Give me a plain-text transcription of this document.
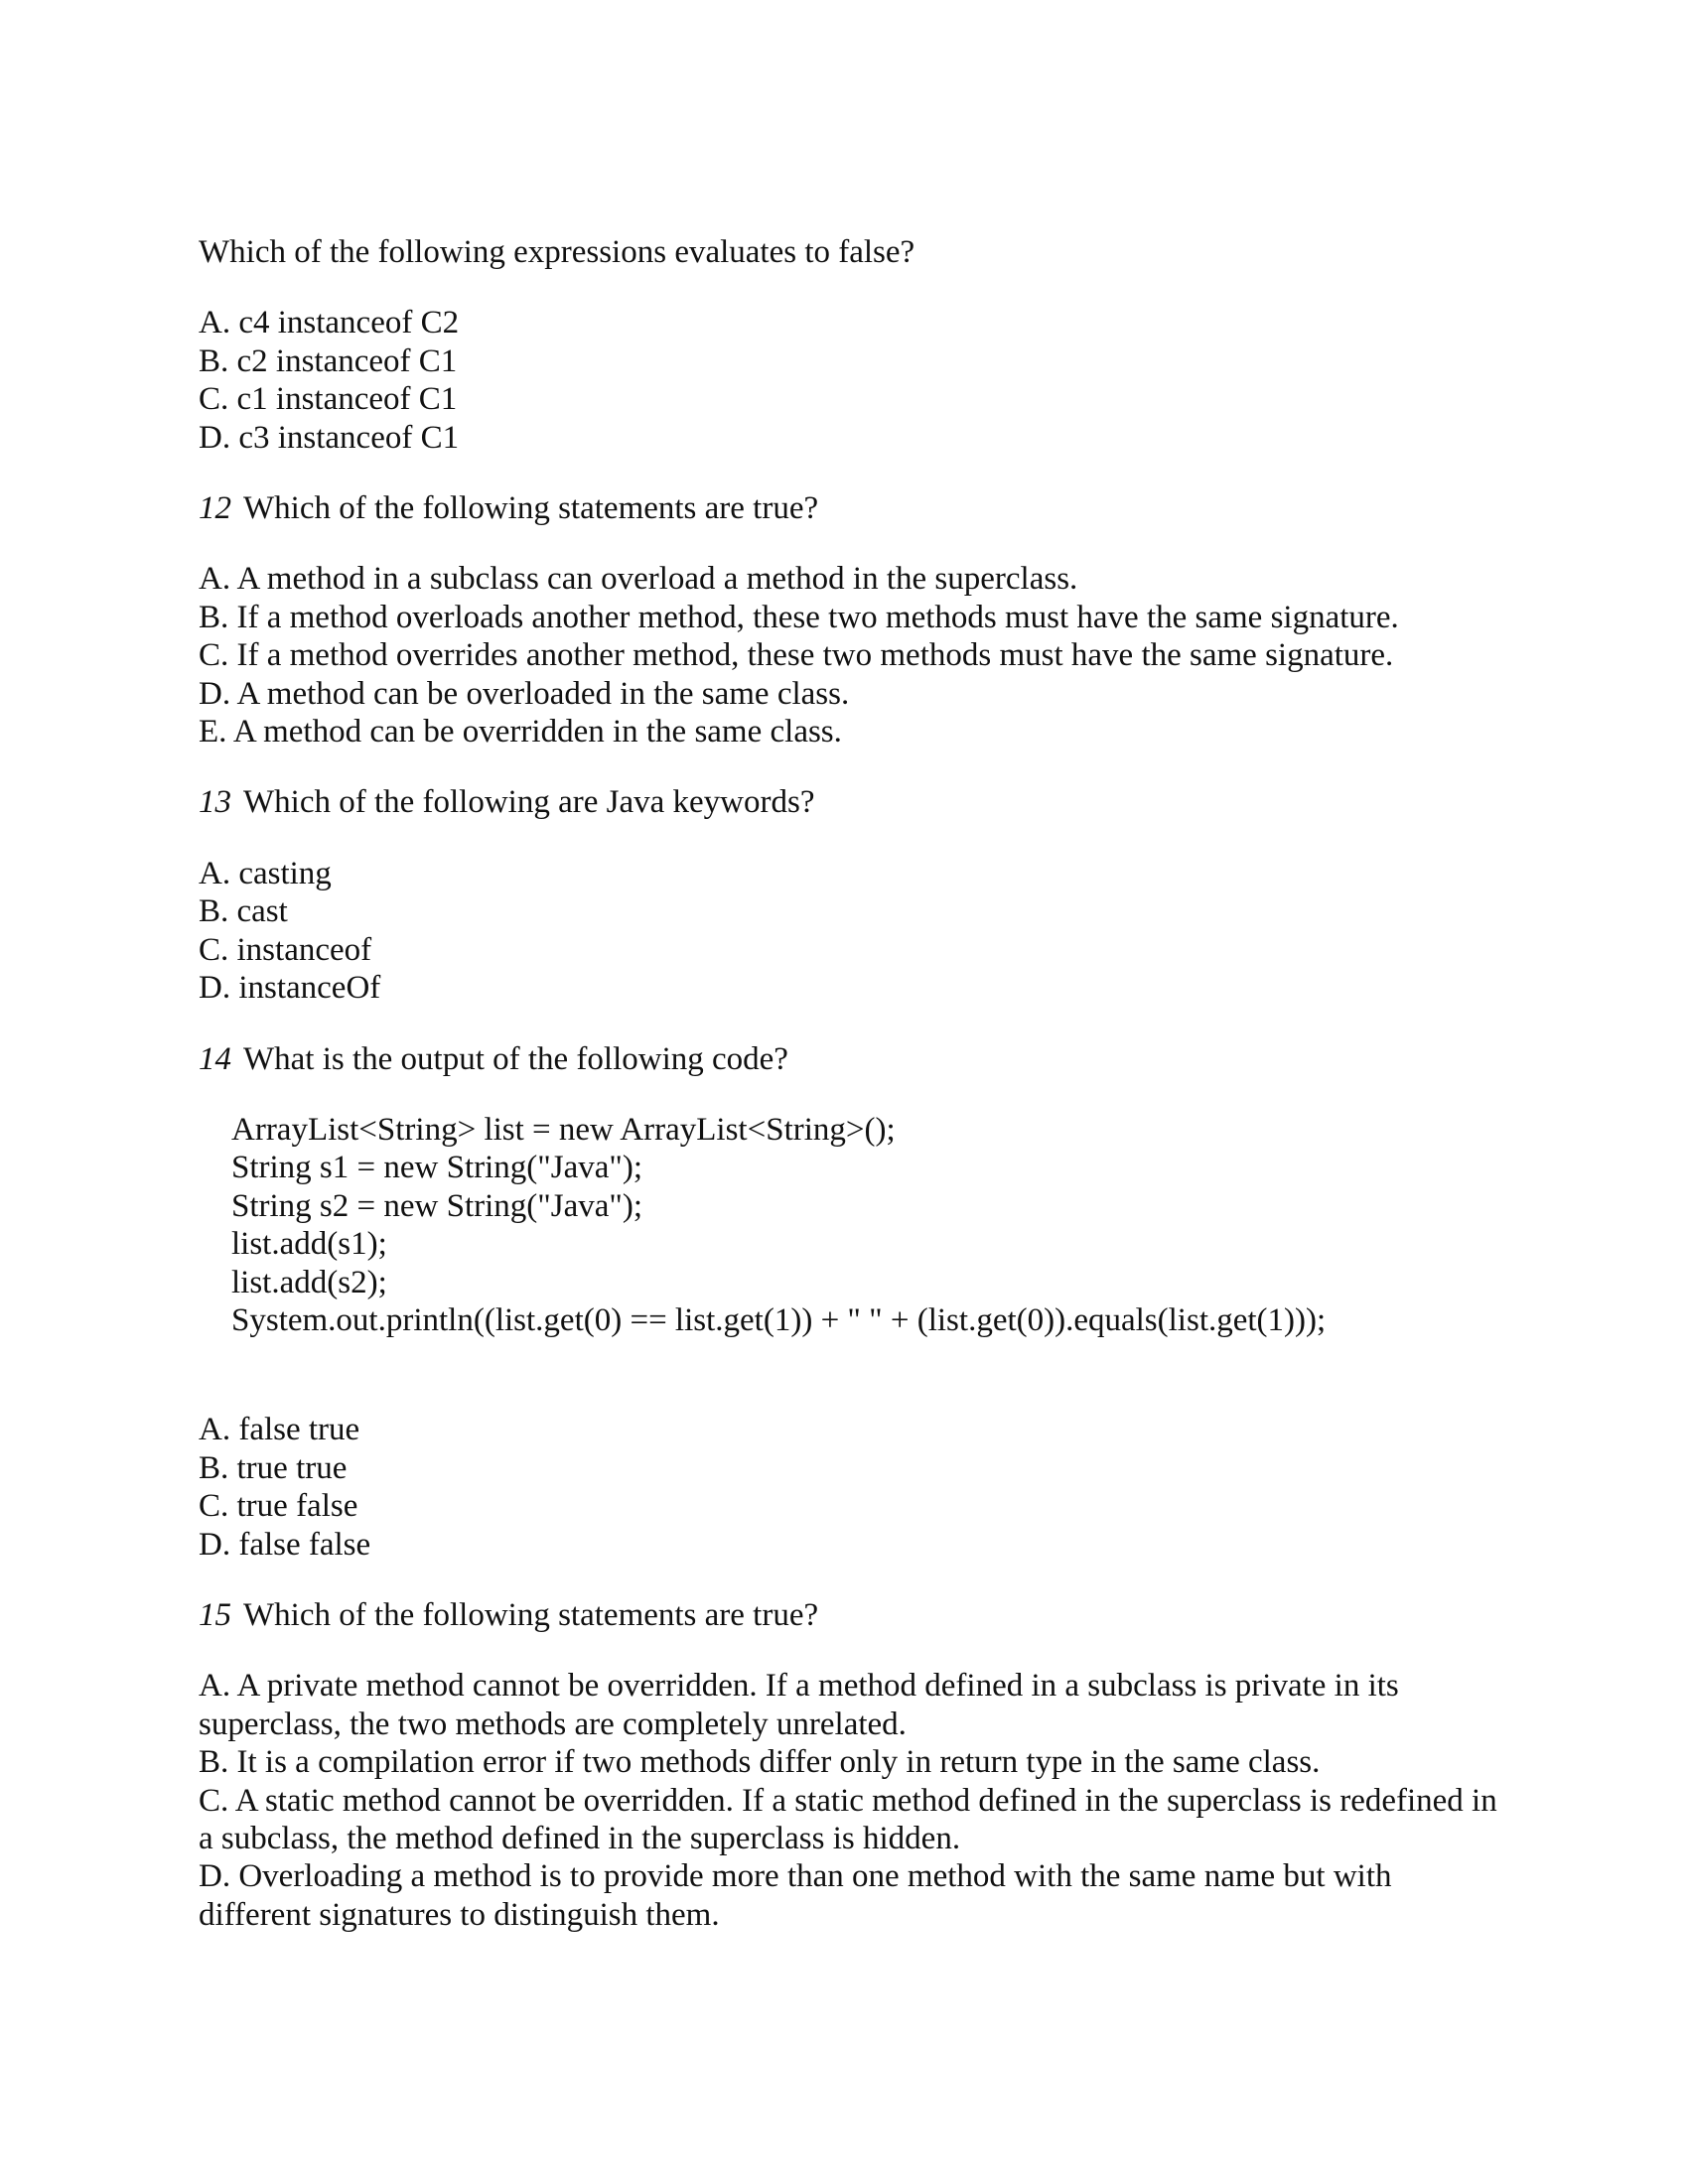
Which of the following expressions evaluates to false?

A. c4 instanceof C2

B. c2 instanceof C1

C. c1 instanceof C1

D. c3 instanceof C1

12 Which of the following statements are true?

A. A method in a subclass can overload a method in the superclass.

B. If a method overloads another method, these two methods must have the same signature.

C. If a method overrides another method, these two methods must have the same signature.

D. A method can be overloaded in the same class.

E. A method can be overridden in the same class.

13 Which of the following are Java keywords?

A. casting

B. cast

C. instanceof

D. instanceOf

14 What is the output of the following code?

ArrayList<String> list = new ArrayList<String>();

String s1 = new String("Java");

String s2 = new String("Java");

list.add(s1);

list.add(s2);

System.out.println((list.get(0) == list.get(1)) + " " + (list.get(0)).equals(list.get(1)));

A. false true

B. true true

C. true false

D. false false

15 Which of the following statements are true?

A. A private method cannot be overridden. If a method defined in a subclass is private in its superclass, the two methods are completely unrelated.

B. It is a compilation error if two methods differ only in return type in the same class.

C. A static method cannot be overridden. If a static method defined in the superclass is redefined in a subclass, the method defined in the superclass is hidden.

D. Overloading a method is to provide more than one method with the same name but with different signatures to distinguish them.
